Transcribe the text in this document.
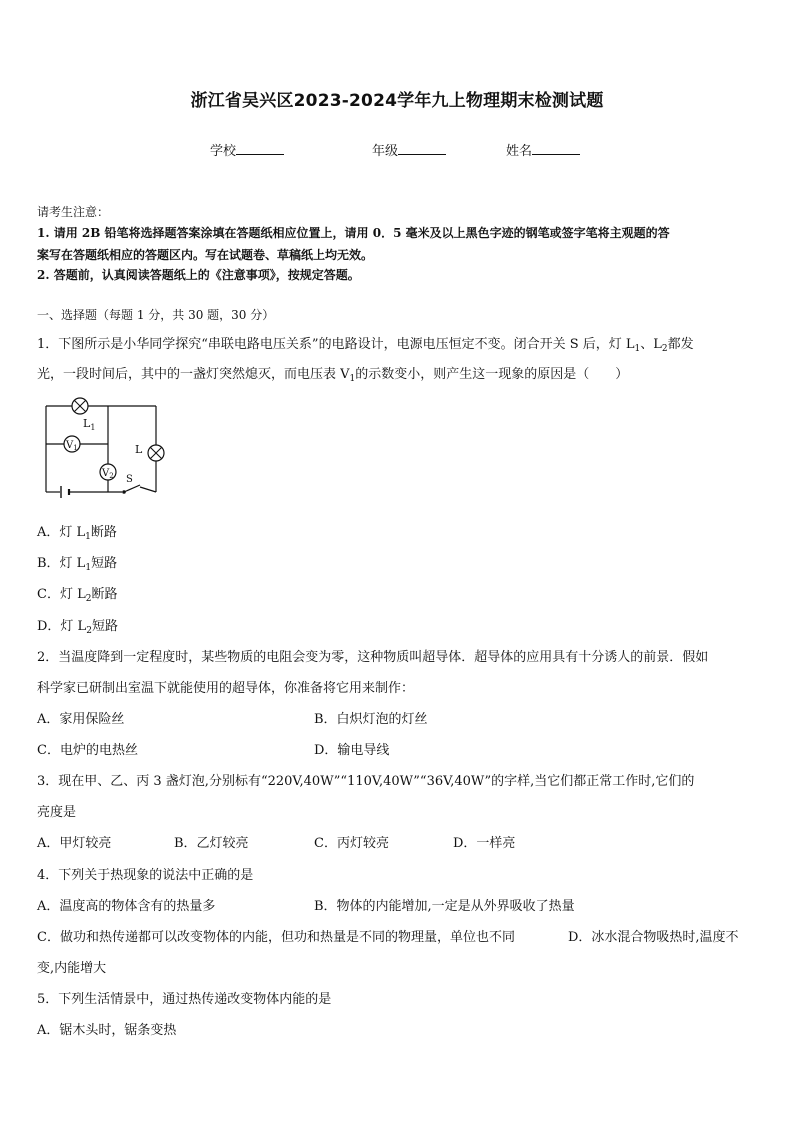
浙江省吴兴区2023-2024学年九上物理期末检测试题
学校	年级	姓名
请考生注意：
1. 请用 2B 铅笔将选择题答案涂填在答题纸相应位置上，请用 0．5 毫米及以上黑色字迹的钢笔或签字笔将主观题的答
案写在答题纸相应的答题区内。写在试题卷、草稿纸上均无效。
2. 答题前，认真阅读答题纸上的《注意事项》，按规定答题。
一、选择题（每题 1 分，共 30 题，30 分）
1．下图所示是小华同学探究“串联电路电压关系”的电路设计，电源电压恒定不变。闭合开关 S 后，灯 $L_1$、$L_2$都发
光，一段时间后，其中的一盏灯突然熄灭，而电压表 $V_1$的示数变小，则产生这一现象的原因是（　　）
$L_1$
$V_1$
$V_2$
L
S
A．灯 $L_1$断路
B．灯 $L_1$短路
C．灯 $L_2$断路
D．灯 $L_2$短路
2．当温度降到一定程度时，某些物质的电阻会变为零，这种物质叫超导体．超导体的应用具有十分诱人的前景．假如
科学家已研制出室温下就能使用的超导体，你准备将它用来制作：
A．家用保险丝	B．白炽灯泡的灯丝
C．电炉的电热丝	D．输电导线
3．现在甲、乙、丙 3 盏灯泡,分别标有“220V,40W”“110V,40W”“36V,40W”的字样,当它们都正常工作时,它们的
亮度是
A．甲灯较亮	B．乙灯较亮	C．丙灯较亮	D．一样亮
4．下列关于热现象的说法中正确的是
A．温度高的物体含有的热量多	B．物体的内能增加,一定是从外界吸收了热量
C．做功和热传递都可以改变物体的内能，但功和热量是不同的物理量，单位也不同	D．冰水混合物吸热时,温度不
变,内能增大
5．下列生活情景中，通过热传递改变物体内能的是
A．锯木头时，锯条变热
